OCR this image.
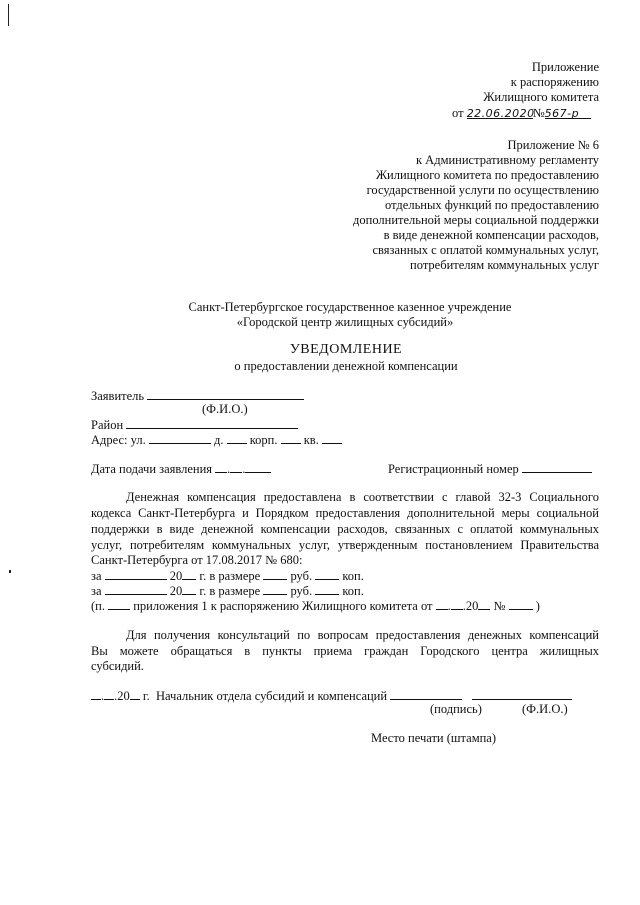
Приложение
к распоряжению
Жилищного комитета
от 22.06.2020№567-р
Приложение № 6
к Административному регламенту
Жилищного комитета по предоставлению
государственной услуги по осуществлению
отдельных функций по предоставлению
дополнительной меры социальной поддержки
в виде денежной компенсации расходов,
связанных с оплатой коммунальных услуг,
потребителям коммунальных услуг
Санкт-Петербургское государственное казенное учреждение
«Городской центр жилищных субсидий»
УВЕДОМЛЕНИЕ
о предоставлении денежной компенсации
Заявитель
(Ф.И.О.)
Район
Адрес: ул.	д. корп. кв.
Дата подачи заявления . .	Регистрационный номер
Денежная компенсация предоставлена в соответствии с главой 32-3 Социального
кодекса Санкт-Петербурга и Порядком предоставления дополнительной меры социальной
поддержки в виде денежной компенсации расходов, связанных с оплатой коммунальных
услуг, потребителям коммунальных услуг, утвержденным постановлением Правительства
Санкт-Петербурга от 17.08.2017 № 680:
за	20 г. в размере руб. коп.
за	20 г. в размере руб. коп.
(п. приложения 1 к распоряжению Жилищного комитета от . .20 № )
Для получения консультаций по вопросам предоставления денежных компенсаций
Вы можете обращаться в пункты приема граждан Городского центра жилищных
субсидий.
. .20 г. Начальник отдела субсидий и компенсаций
(подпись)	(Ф.И.О.)
Место печати (штампа)
